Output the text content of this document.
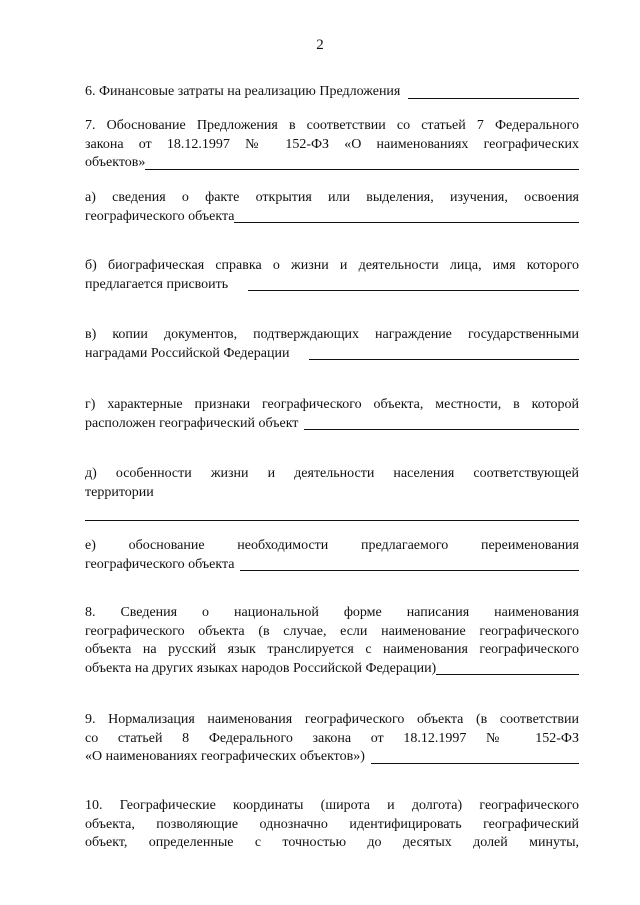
2
6. Финансовые затраты на реализацию Предложения
7. Обоснование Предложения в соответствии со статьей 7 Федерального
закона от 18.12.1997 № 152-ФЗ «О наименованиях географических
объектов»
а) сведения о факте открытия или выделения, изучения, освоения
географического объекта
б) биографическая справка о жизни и деятельности лица, имя которого
предлагается присвоить
в) копии документов, подтверждающих награждение государственными
наградами Российской Федерации
г) характерные признаки географического объекта, местности, в которой
расположен географический объект
д) особенности жизни и деятельности населения соответствующей
территории
е) обоснование необходимости предлагаемого переименования
географического объекта
8. Сведения о национальной форме написания наименования
географического объекта (в случае, если наименование географического
объекта на русский язык транслируется с наименования географического
объекта на других языках народов Российской Федерации)
9. Нормализация наименования географического объекта (в соответствии
со статьей 8 Федерального закона от 18.12.1997 № 152-ФЗ
«О наименованиях географических объектов»)
10. Географические координаты (широта и долгота) географического
объекта, позволяющие однозначно идентифицировать географический
объект, определенные с точностью до десятых долей минуты,
